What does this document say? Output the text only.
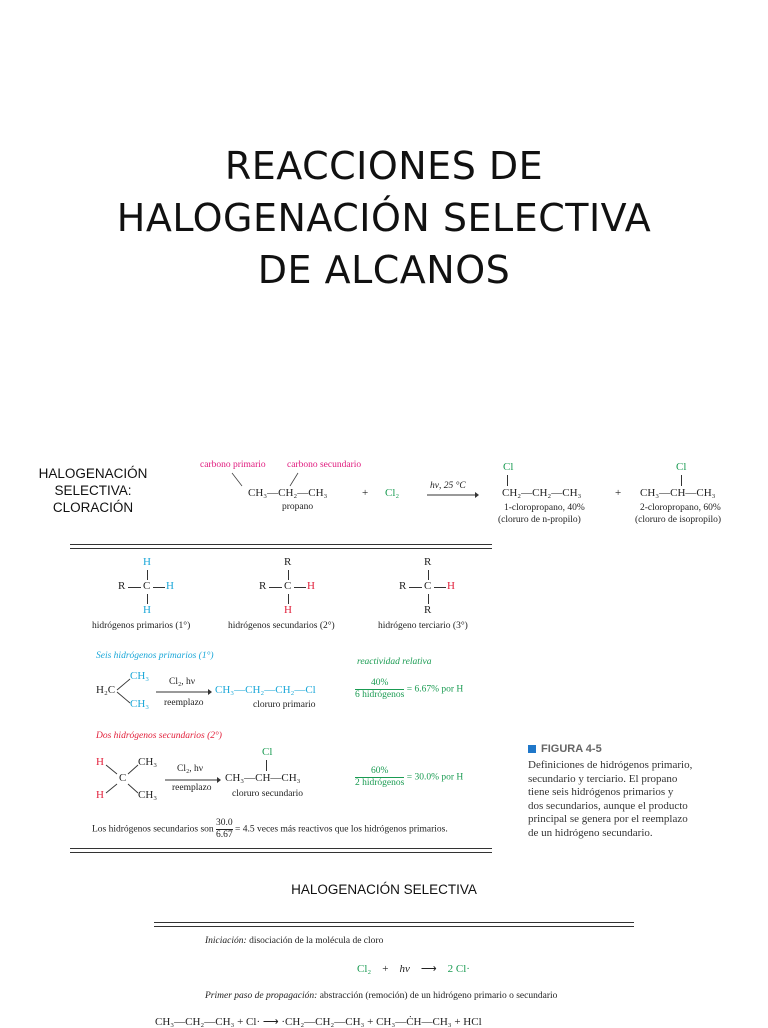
REACCIONES DE
HALOGENACIÓN SELECTIVA
DE ALCANOS
HALOGENACIÓN
SELECTIVA: CLORACIÓN
carbono primario carbono secundario
CH₃—CH₂—CH₃
propano
+ Cl₂
hν, 25 °C
Cl
CH₂—CH₂—CH₃
1-cloropropano, 40%
(cloruro de n-propilo)
+
Cl
CH₃—CH—CH₃
2-cloropropano, 60%
(cloruro de isopropilo)
H
R C H
H
hidrógenos primarios (1°)
R
R C H
H
hidrógenos secundarios (2°)
R
R C H
R
hidrógeno terciario (3°)
Seis hidrógenos primarios (1°)
reactividad relativa
CH₃
H₂C
CH₃
Cl₂, hν
reemplazo
CH₃—CH₂—CH₂—Cl
cloruro primario
$\frac{40\%}{\text{6 hidrógenos}} = 6.67\%$ por H
Dos hidrógenos secundarios (2°)
H
H
C
CH₃
CH₃
Cl₂, hν
reemplazo
Cl
CH₃—CH—CH₃
cloruro secundario
$\frac{60\%}{\text{2 hidrógenos}} = 30.0\%$ por H
Los hidrógenos secundarios son $\frac{30.0}{6.67} = 4.5$ veces más reactivos que los hidrógenos primarios.
FIGURA 4-5
Definiciones de hidrógenos primario,
secundario y terciario. El propano
tiene seis hidrógenos primarios y
dos secundarios, aunque el producto
principal se genera por el reemplazo
de un hidrógeno secundario.
HALOGENACIÓN SELECTIVA
Iniciación: disociación de la molécula de cloro
Cl₂ + hν ⟶ 2 Cl·
Primer paso de propagación: abstracción (remoción) de un hidrógeno primario o secundario
CH₃—CH₂—CH₃ + Cl· ⟶ ·CH₂—CH₂—CH₃ + CH₃—ĊH—CH₃ + HCl
